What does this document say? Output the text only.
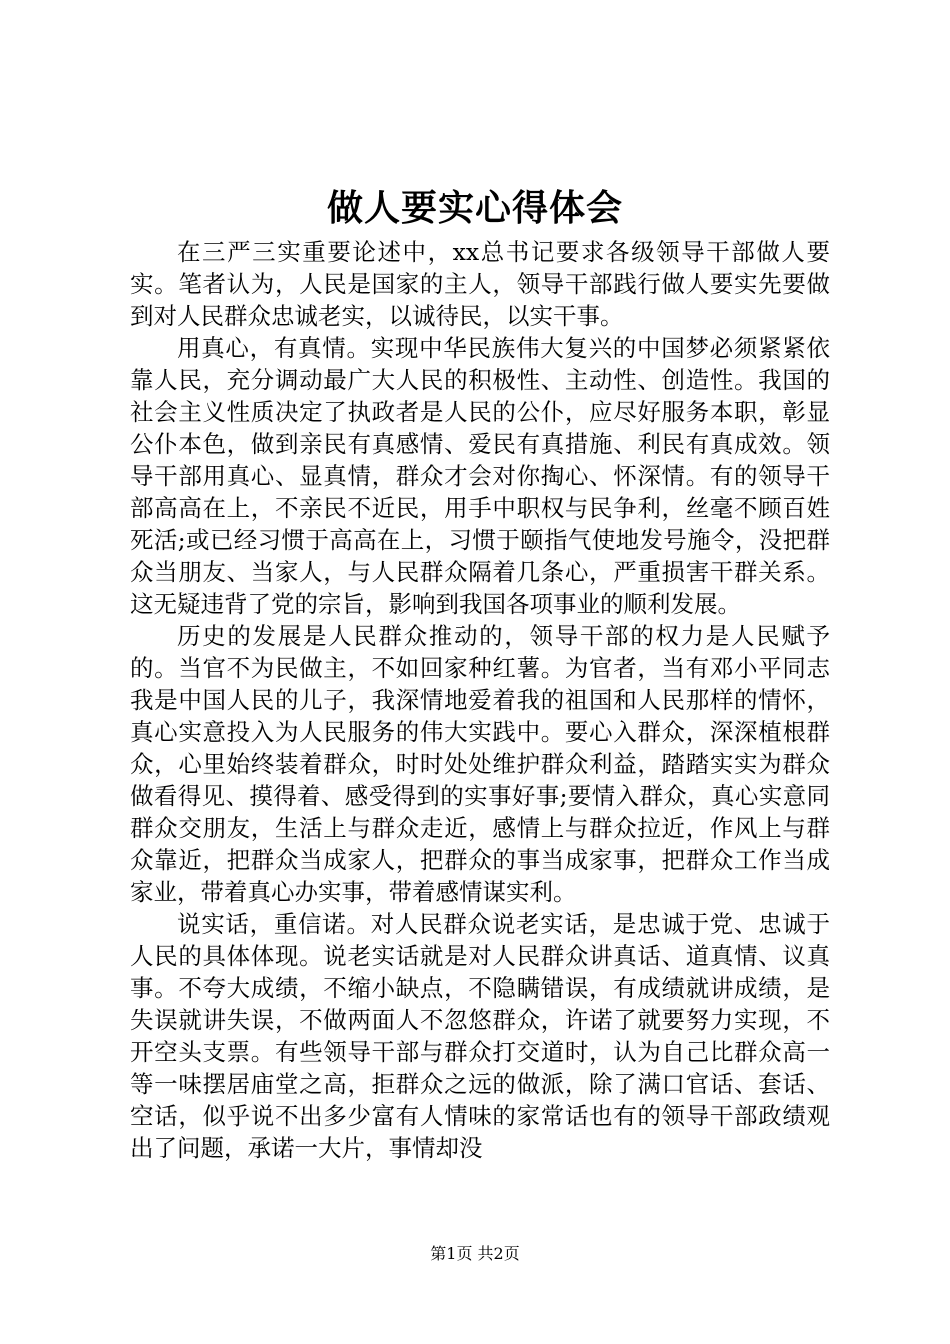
做人要实心得体会

在三严三实重要论述中，xx总书记要求各级领导干部做人要实。笔者认为，人民是国家的主人，领导干部践行做人要实先要做到对人民群众忠诚老实，以诚待民，以实干事。

用真心，有真情。实现中华民族伟大复兴的中国梦必须紧紧依靠人民，充分调动最广大人民的积极性、主动性、创造性。我国的社会主义性质决定了执政者是人民的公仆，应尽好服务本职，彰显公仆本色，做到亲民有真感情、爱民有真措施、利民有真成效。领导干部用真心、显真情，群众才会对你掏心、怀深情。有的领导干部高高在上，不亲民不近民，用手中职权与民争利，丝毫不顾百姓死活;或已经习惯于高高在上，习惯于颐指气使地发号施令，没把群众当朋友、当家人，与人民群众隔着几条心，严重损害干群关系。这无疑违背了党的宗旨，影响到我国各项事业的顺利发展。

历史的发展是人民群众推动的，领导干部的权力是人民赋予的。当官不为民做主，不如回家种红薯。为官者，当有邓小平同志我是中国人民的儿子，我深情地爱着我的祖国和人民那样的情怀，真心实意投入为人民服务的伟大实践中。要心入群众，深深植根群众，心里始终装着群众，时时处处维护群众利益，踏踏实实为群众做看得见、摸得着、感受得到的实事好事;要情入群众，真心实意同群众交朋友，生活上与群众走近，感情上与群众拉近，作风上与群众靠近，把群众当成家人，把群众的事当成家事，把群众工作当成家业，带着真心办实事，带着感情谋实利。

说实话，重信诺。对人民群众说老实话，是忠诚于党、忠诚于人民的具体体现。说老实话就是对人民群众讲真话、道真情、议真事。不夸大成绩，不缩小缺点，不隐瞒错误，有成绩就讲成绩，是失误就讲失误，不做两面人不忽悠群众，许诺了就要努力实现，不开空头支票。有些领导干部与群众打交道时，认为自己比群众高一等一味摆居庙堂之高，拒群众之远的做派，除了满口官话、套话、空话，似乎说不出多少富有人情味的家常话也有的领导干部政绩观出了问题，承诺一大片，事情却没

第1页 共2页
